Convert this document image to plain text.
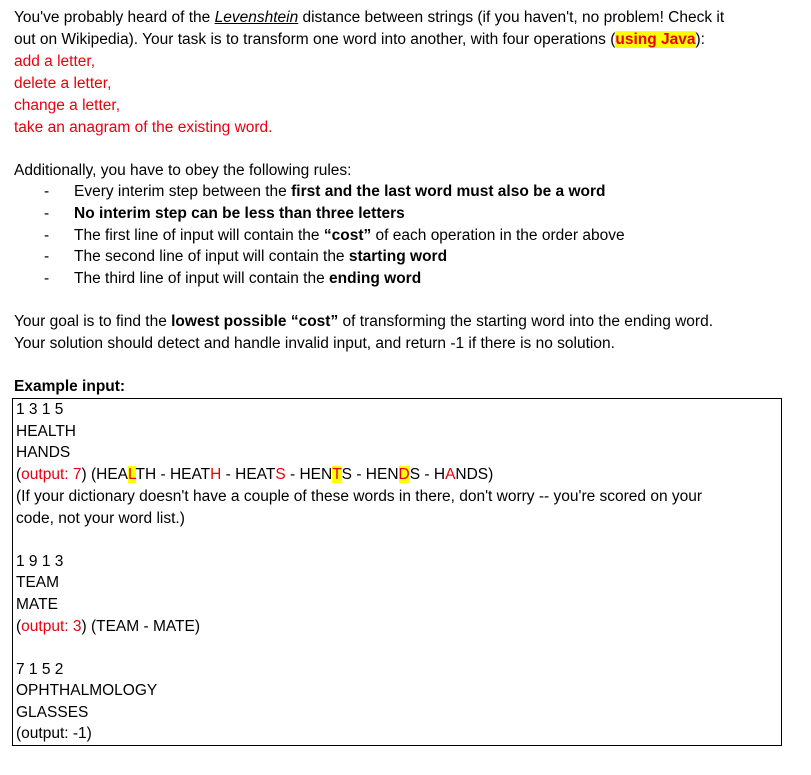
You've probably heard of the Levenshtein distance between strings (if you haven't, no problem! Check it
out on Wikipedia). Your task is to transform one word into another, with four operations (using Java):
add a letter,
delete a letter,
change a letter,
take an anagram of the existing word.
Additionally, you have to obey the following rules:
- Every interim step between the first and the last word must also be a word
- No interim step can be less than three letters
- The first line of input will contain the “cost” of each operation in the order above
- The second line of input will contain the starting word
- The third line of input will contain the ending word
Your goal is to find the lowest possible “cost” of transforming the starting word into the ending word.
Your solution should detect and handle invalid input, and return -1 if there is no solution.
Example input:
1 3 1 5
HEALTH
HANDS
(output: 7) (HEALTH - HEATH - HEATS - HENTS - HENDS - HANDS)
(If your dictionary doesn't have a couple of these words in there, don't worry -- you're scored on your
code, not your word list.)
1 9 1 3
TEAM
MATE
(output: 3) (TEAM - MATE)
7 1 5 2
OPHTHALMOLOGY
GLASSES
(output: -1)
